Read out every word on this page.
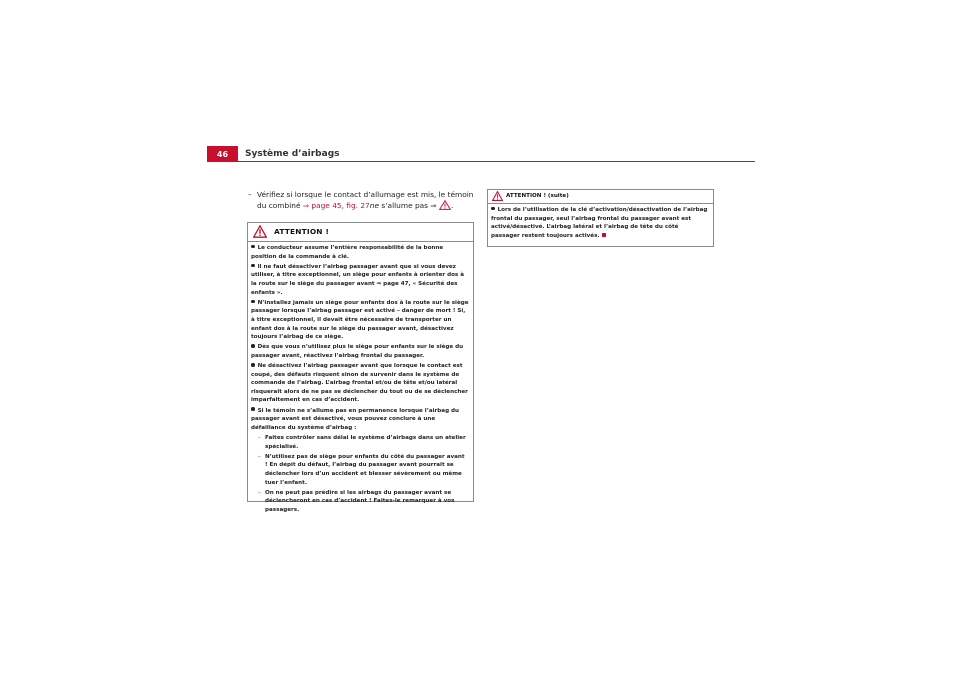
46	Système d’airbags
– Vérifiez si lorsque le contact d’allumage est mis, le témoin du combiné ⇒ page 45, fig. 27ne s’allume pas ⇒ .
ATTENTION !
Le conducteur assume l’entière responsabilité de la bonne position de la commande à clé.
Il ne faut désactiver l’airbag passager avant que si vous devez utiliser, à titre exceptionnel, un siège pour enfants à orienter dos à la route sur le siège du passager avant ⇒ page 47, « Sécurité des enfants ».
N’installez jamais un siège pour enfants dos à la route sur le siège passager lorsque l’airbag passager est activé – danger de mort ! Si, à titre exceptionnel, il devait être nécessaire de transporter un enfant dos à la route sur le siège du passager avant, désactivez toujours l’airbag de ce siège.
Dès que vous n’utilisez plus le siège pour enfants sur le siège du passager avant, réactivez l’airbag frontal du passager.
Ne désactivez l’airbag passager avant que lorsque le contact est coupé, des défauts risquent sinon de survenir dans le système de commande de l’airbag. L’airbag frontal et/ou de tête et/ou latéral risquerait alors de ne pas se déclencher du tout ou de se déclencher imparfaitement en cas d’accident.
Si le témoin ne s’allume pas en permanence lorsque l’airbag du passager avant est désactivé, vous pouvez conclure à une défaillance du système d’airbag :
– Faites contrôler sans délai le système d’airbags dans un atelier spécialisé.
– N’utilisez pas de siège pour enfants du côté du passager avant ! En dépit du défaut, l’airbag du passager avant pourrait se déclencher lors d’un accident et blesser sévèrement ou même tuer l’enfant.
– On ne peut pas prédire si les airbags du passager avant se déclencheront en cas d’accident ! Faites-le remarquer à vos passagers.
ATTENTION ! (suite)
Lors de l’utilisation de la clé d’activation/désactivation de l’airbag frontal du passager, seul l’airbag frontal du passager avant est activé/désactivé. L’airbag latéral et l’airbag de tête du côté passager restent toujours activés.
